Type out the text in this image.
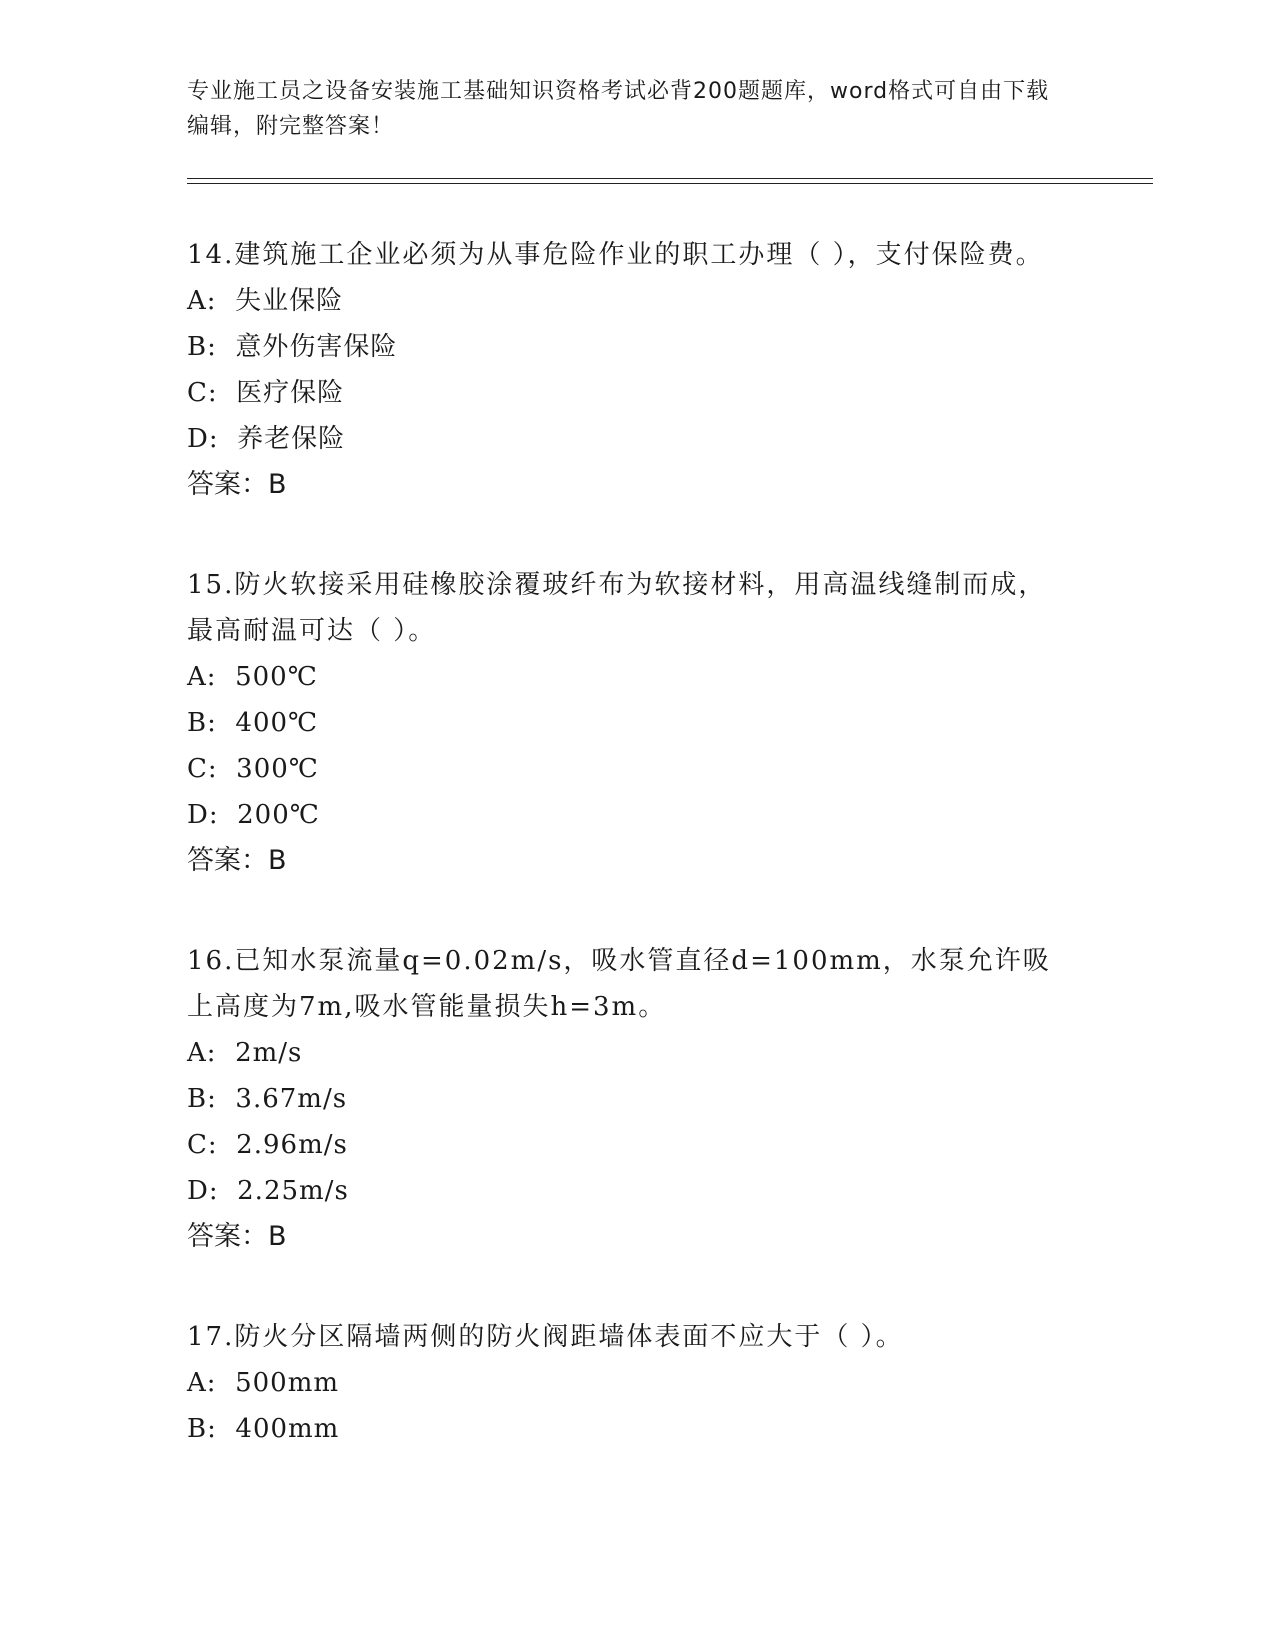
专业施工员之设备安装施工基础知识资格考试必背200题题库，word格式可自由下载编辑，附完整答案！
14.建筑施工企业必须为从事危险作业的职工办理（ ），支付保险费。
A:  失业保险
B:  意外伤害保险
C:  医疗保险
D:  养老保险
答案：B
15.防火软接采用硅橡胶涂覆玻纤布为软接材料，用高温线缝制而成，最高耐温可达（ ）。
A:  500℃
B:  400℃
C:  300℃
D:  200℃
答案：B
16.已知水泵流量q=0.02m/s，吸水管直径d=100mm，水泵允许吸上高度为7m,吸水管能量损失h=3m。
A:  2m/s
B:  3.67m/s
C:  2.96m/s
D:  2.25m/s
答案：B
17.防火分区隔墙两侧的防火阀距墙体表面不应大于（ ）。
A:  500mm
B:  400mm
